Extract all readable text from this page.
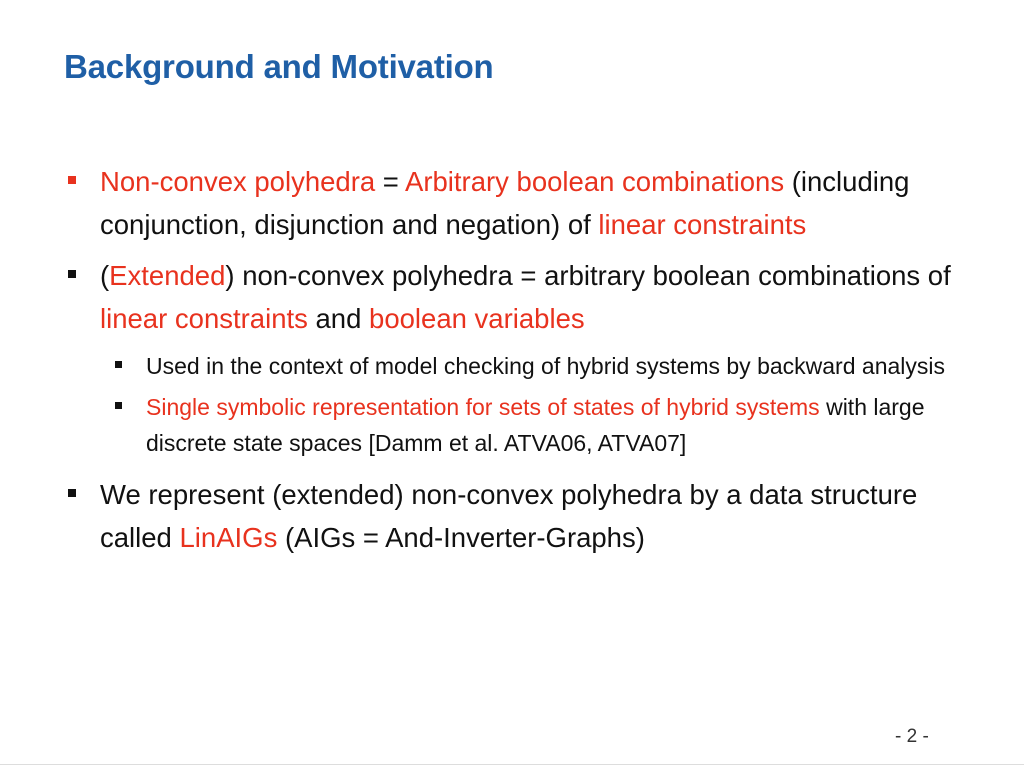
Background and Motivation
Non-convex polyhedra = Arbitrary boolean combinations (including conjunction, disjunction and negation) of linear constraints
(Extended) non-convex polyhedra = arbitrary boolean combinations of linear constraints and boolean variables
Used in the context of model checking of hybrid systems by backward analysis
Single symbolic representation for sets of states of hybrid systems with large discrete state spaces [Damm et al. ATVA06, ATVA07]
We represent (extended) non-convex polyhedra by a data structure called LinAIGs (AIGs = And-Inverter-Graphs)
- 2 -
